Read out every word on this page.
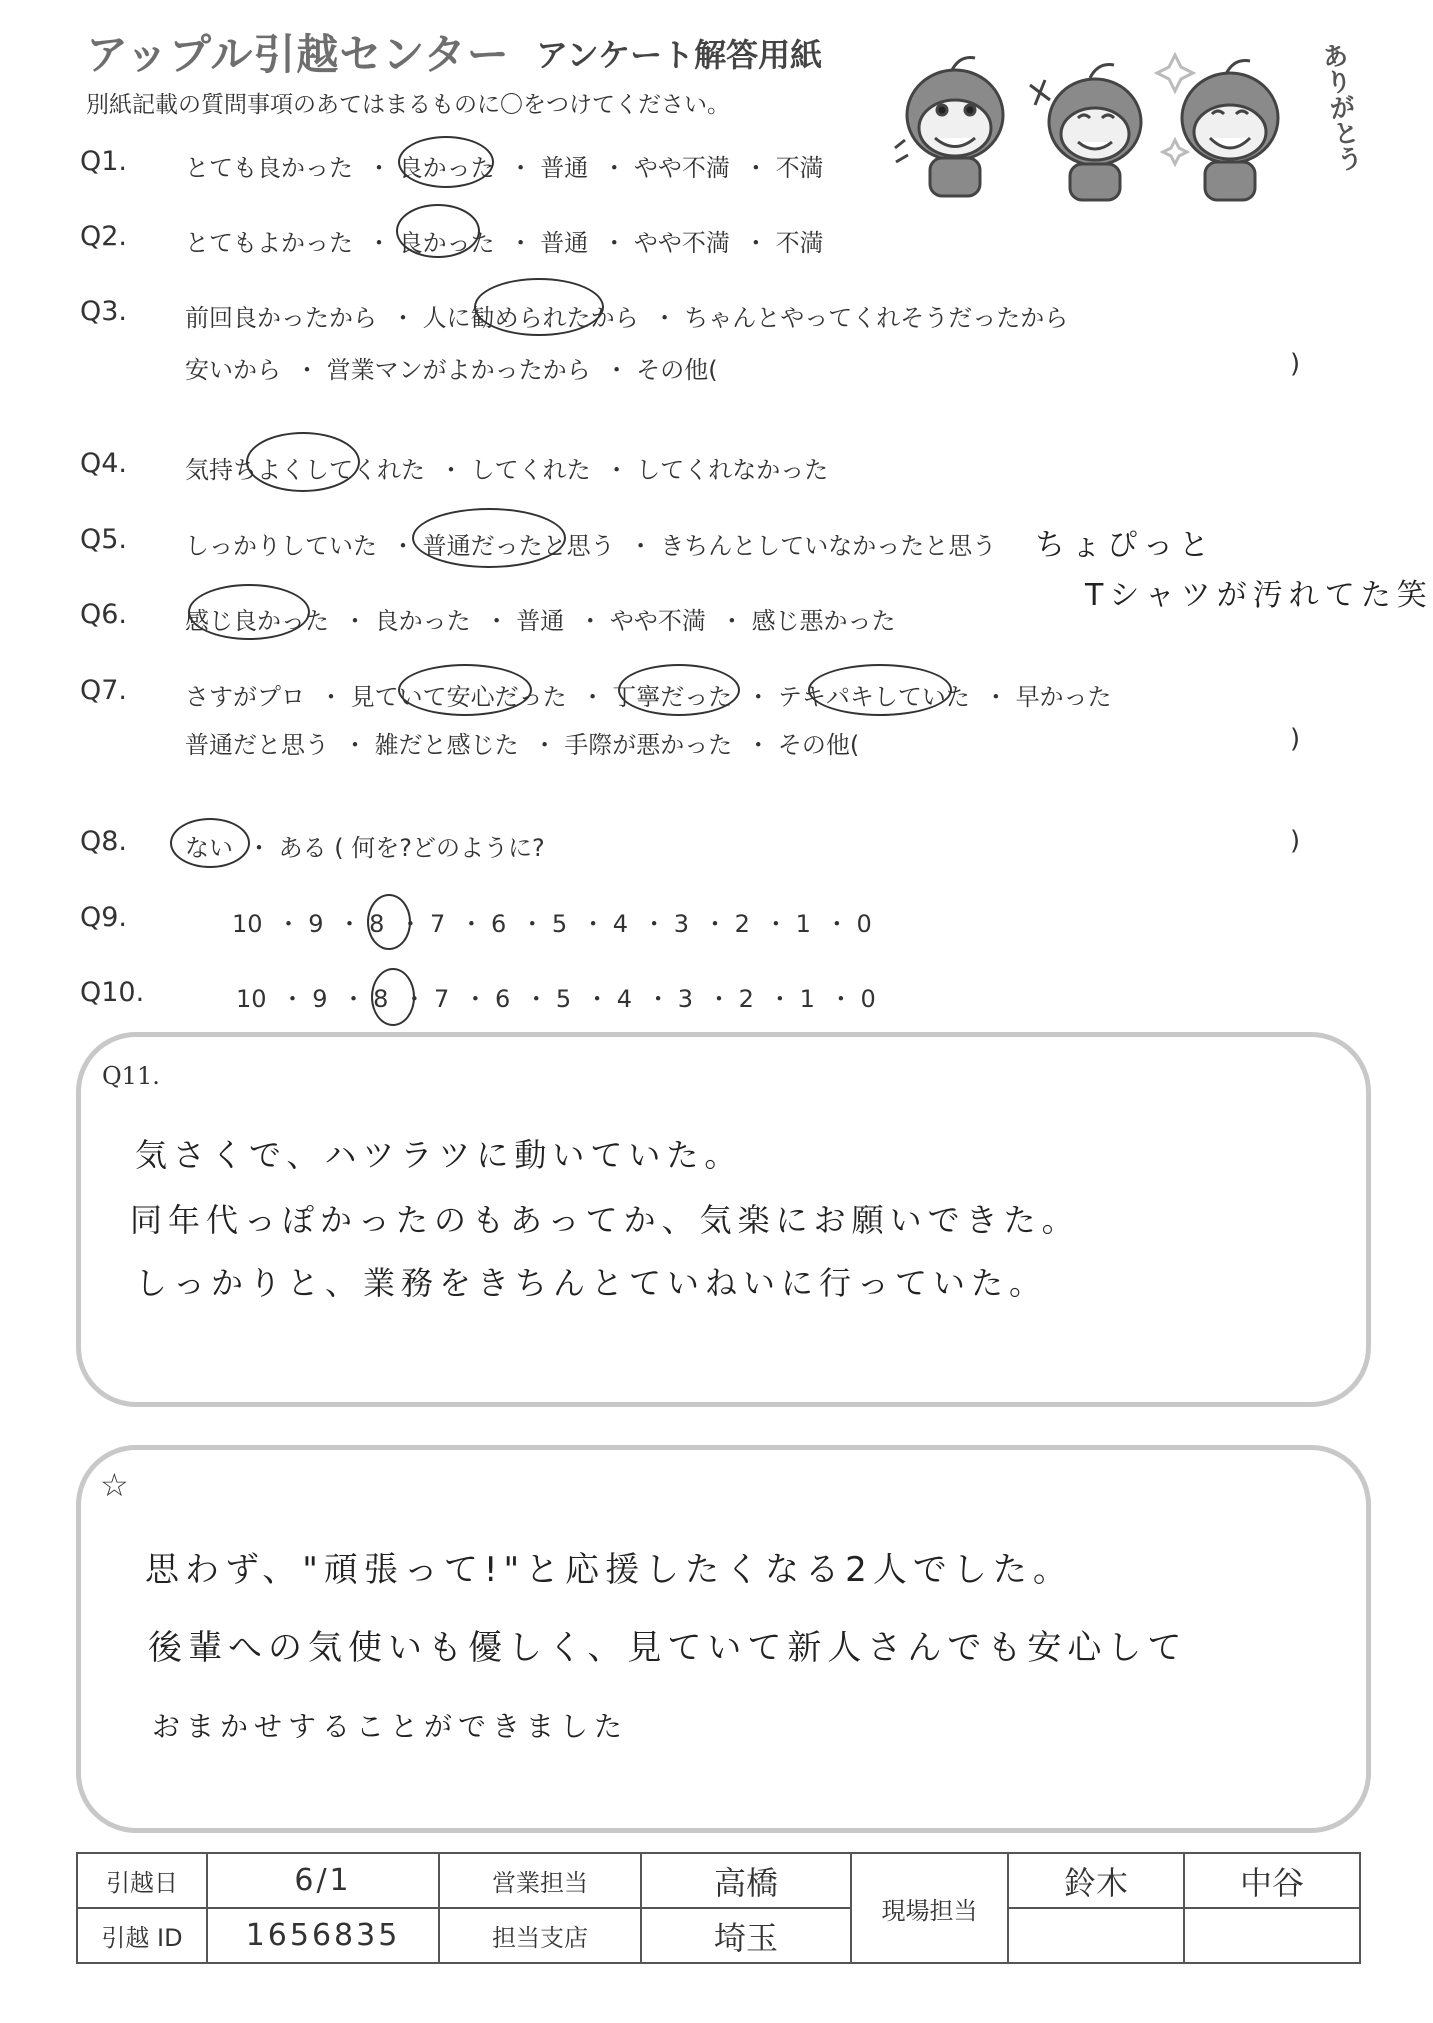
アップル引越センター アンケート解答用紙
別紙記載の質問事項のあてはまるものに〇をつけてください。	ありがとう
Q1. とても良かった ・ 良かった ・ 普通 ・ やや不満 ・ 不満
Q2. とてもよかった ・ 良かった ・ 普通 ・ やや不満 ・ 不満
Q3. 前回良かったから ・ 人に勧められたから ・ ちゃんとやってくれそうだったから
安いから ・ 営業マンがよかったから ・ その他(	)
Q4. 気持ちよくしてくれた ・ してくれた ・ してくれなかった
Q5. しっかりしていた ・ 普通だったと思う ・ きちんとしていなかったと思う ちょぴっと
Tシャツが汚れてた笑
Q6. 感じ良かった ・ 良かった ・ 普通 ・ やや不満 ・ 感じ悪かった
Q7. さすがプロ ・ 見ていて安心だった ・ 丁寧だった ・ テキパキしていた ・ 早かった
普通だと思う ・ 雑だと感じた ・ 手際が悪かった ・ その他(	)
Q8. ない ・ ある ( 何を?どのように?	)
Q9.	10 ・ 9 ・ 8 ・ 7 ・ 6 ・ 5 ・ 4 ・ 3 ・ 2 ・ 1 ・ 0
Q10.	10 ・ 9 ・ 8 ・ 7 ・ 6 ・ 5 ・ 4 ・ 3 ・ 2 ・ 1 ・ 0
Q11.
気さくで、ハツラツに動いていた。
同年代っぽかったのもあってか、気楽にお願いできた。
しっかりと、業務をきちんとていねいに行っていた。
☆
思わず、"頑張って!"と応援したくなる2人でした。
後輩への気使いも優しく、見ていて新人さんでも安心して
おまかせすることができました
引越日	6/1	営業担当	高橋	現場担当	鈴木	中谷
引越 ID	1656835	担当支店	埼玉			
